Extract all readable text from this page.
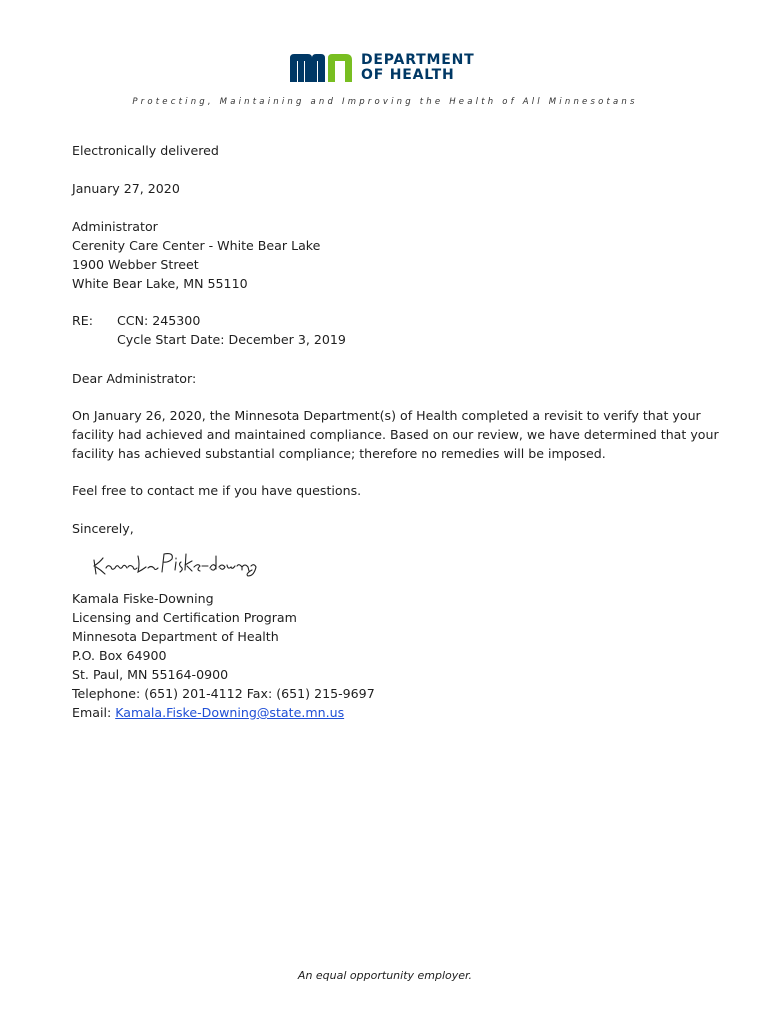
DEPARTMENT
OF HEALTH
Protecting, Maintaining and Improving the Health of All Minnesotans
Electronically delivered
January 27, 2020
Administrator
Cerenity Care Center - White Bear Lake
1900 Webber Street
White Bear Lake, MN 55110
RE: CCN: 245300
Cycle Start Date: December 3, 2019
Dear Administrator:
On January 26, 2020, the Minnesota Department(s) of Health completed a revisit to verify that your
facility had achieved and maintained compliance. Based on our review, we have determined that your
facility has achieved substantial compliance; therefore no remedies will be imposed.
Feel free to contact me if you have questions.
Sincerely,
Kamala Fiske-Downing
Licensing and Certification Program
Minnesota Department of Health
P.O. Box 64900
St. Paul, MN 55164-0900
Telephone: (651) 201-4112 Fax: (651) 215-9697
Email: Kamala.Fiske-Downing@state.mn.us
An equal opportunity employer.
